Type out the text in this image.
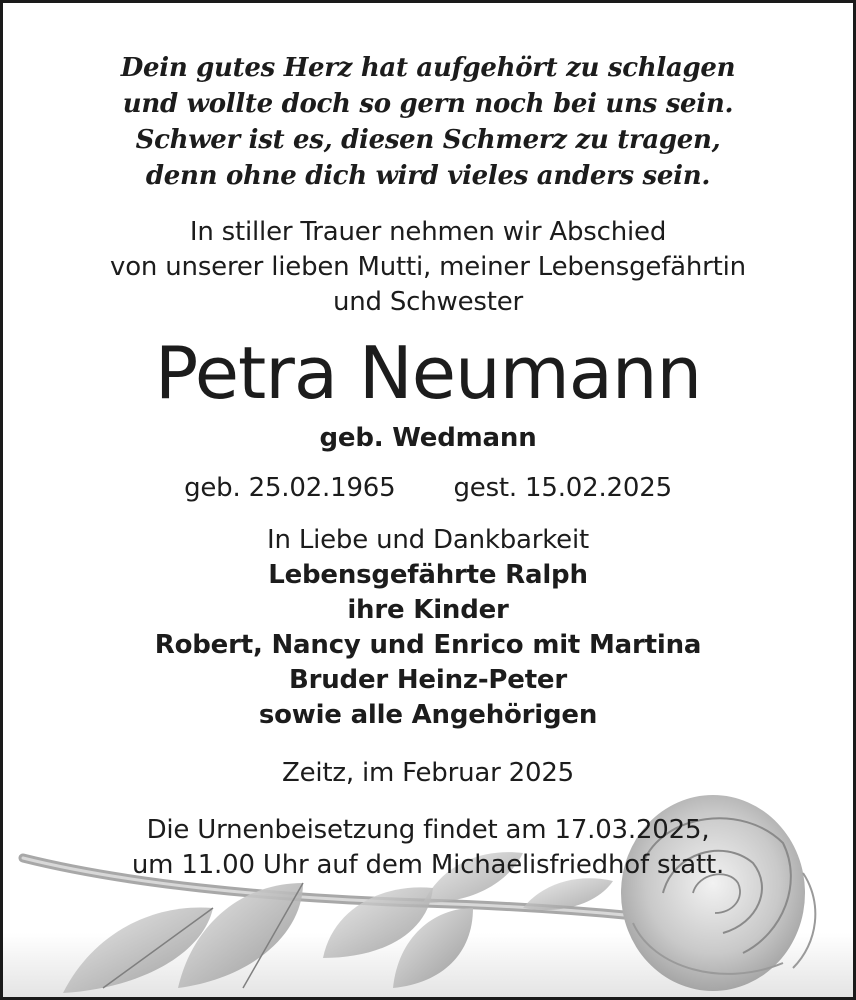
Dein gutes Herz hat aufgehört zu schlagen
und wollte doch so gern noch bei uns sein.
Schwer ist es, diesen Schmerz zu tragen,
denn ohne dich wird vieles anders sein.
In stiller Trauer nehmen wir Abschied
von unserer lieben Mutti, meiner Lebensgefährtin
und Schwester
Petra Neumann
geb. Wedmann
geb. 25.02.1965 gest. 15.02.2025
In Liebe und Dankbarkeit
Lebensgefährte Ralph
ihre Kinder
Robert, Nancy und Enrico mit Martina
Bruder Heinz-Peter
sowie alle Angehörigen
Zeitz, im Februar 2025
Die Urnenbeisetzung findet am 17.03.2025,
um 11.00 Uhr auf dem Michaelisfriedhof statt.
